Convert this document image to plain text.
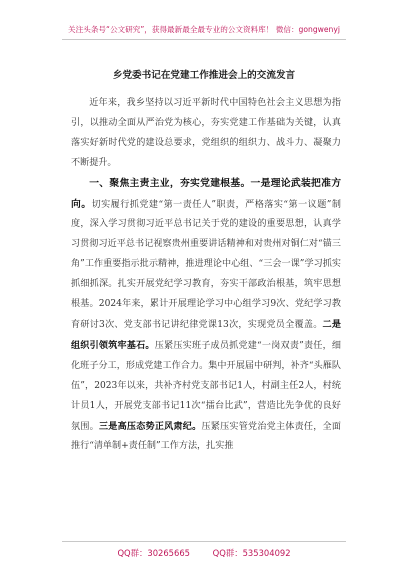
关注头条号“公文研究”，获得最新最全最专业的公文资料库！ 微信：gongwenyj
乡党委书记在党建工作推进会上的交流发言

近年来，我乡坚持以习近平新时代中国特色社会主义思想为指引，以推动全面从严治党为核心，夯实党建工作基础为关键，认真落实好新时代党的建设总要求，党组织的组织力、战斗力、凝聚力不断提升。

一、聚焦主责主业，夯实党建根基。一是理论武装把准方向。切实履行抓党建“第一责任人”职责，严格落实“第一议题”制度，深入学习贯彻习近平总书记关于党的建设的重要思想，认真学习贯彻习近平总书记视察贵州重要讲话精神和对贵州对铜仁对“锚三角”工作重要指示批示精神，推进理论中心组、“三会一课”学习抓实抓细抓深。扎实开展党纪学习教育，夯实干部政治根基，筑牢思想根基。2024年来，累计开展理论学习中心组学习9次、党纪学习教育研讨3次、党支部书记讲纪律党课13次，实现党员全覆盖。二是组织引领筑牢基石。压紧压实班子成员抓党建“一岗双责”责任，细化班子分工，形成党建工作合力。集中开展届中研判，补齐“头雁队伍”，2023年以来，共补齐村党支部书记1人，村副主任2人，村统计员1人，开展党支部书记11次“擂台比武”，营造比先争优的良好氛围。三是高压态势正风肃纪。压紧压实管党治党主体责任，全面推行“清单制+责任制”工作方法，扎实推

QQ群：30265665	QQ群：535304092
